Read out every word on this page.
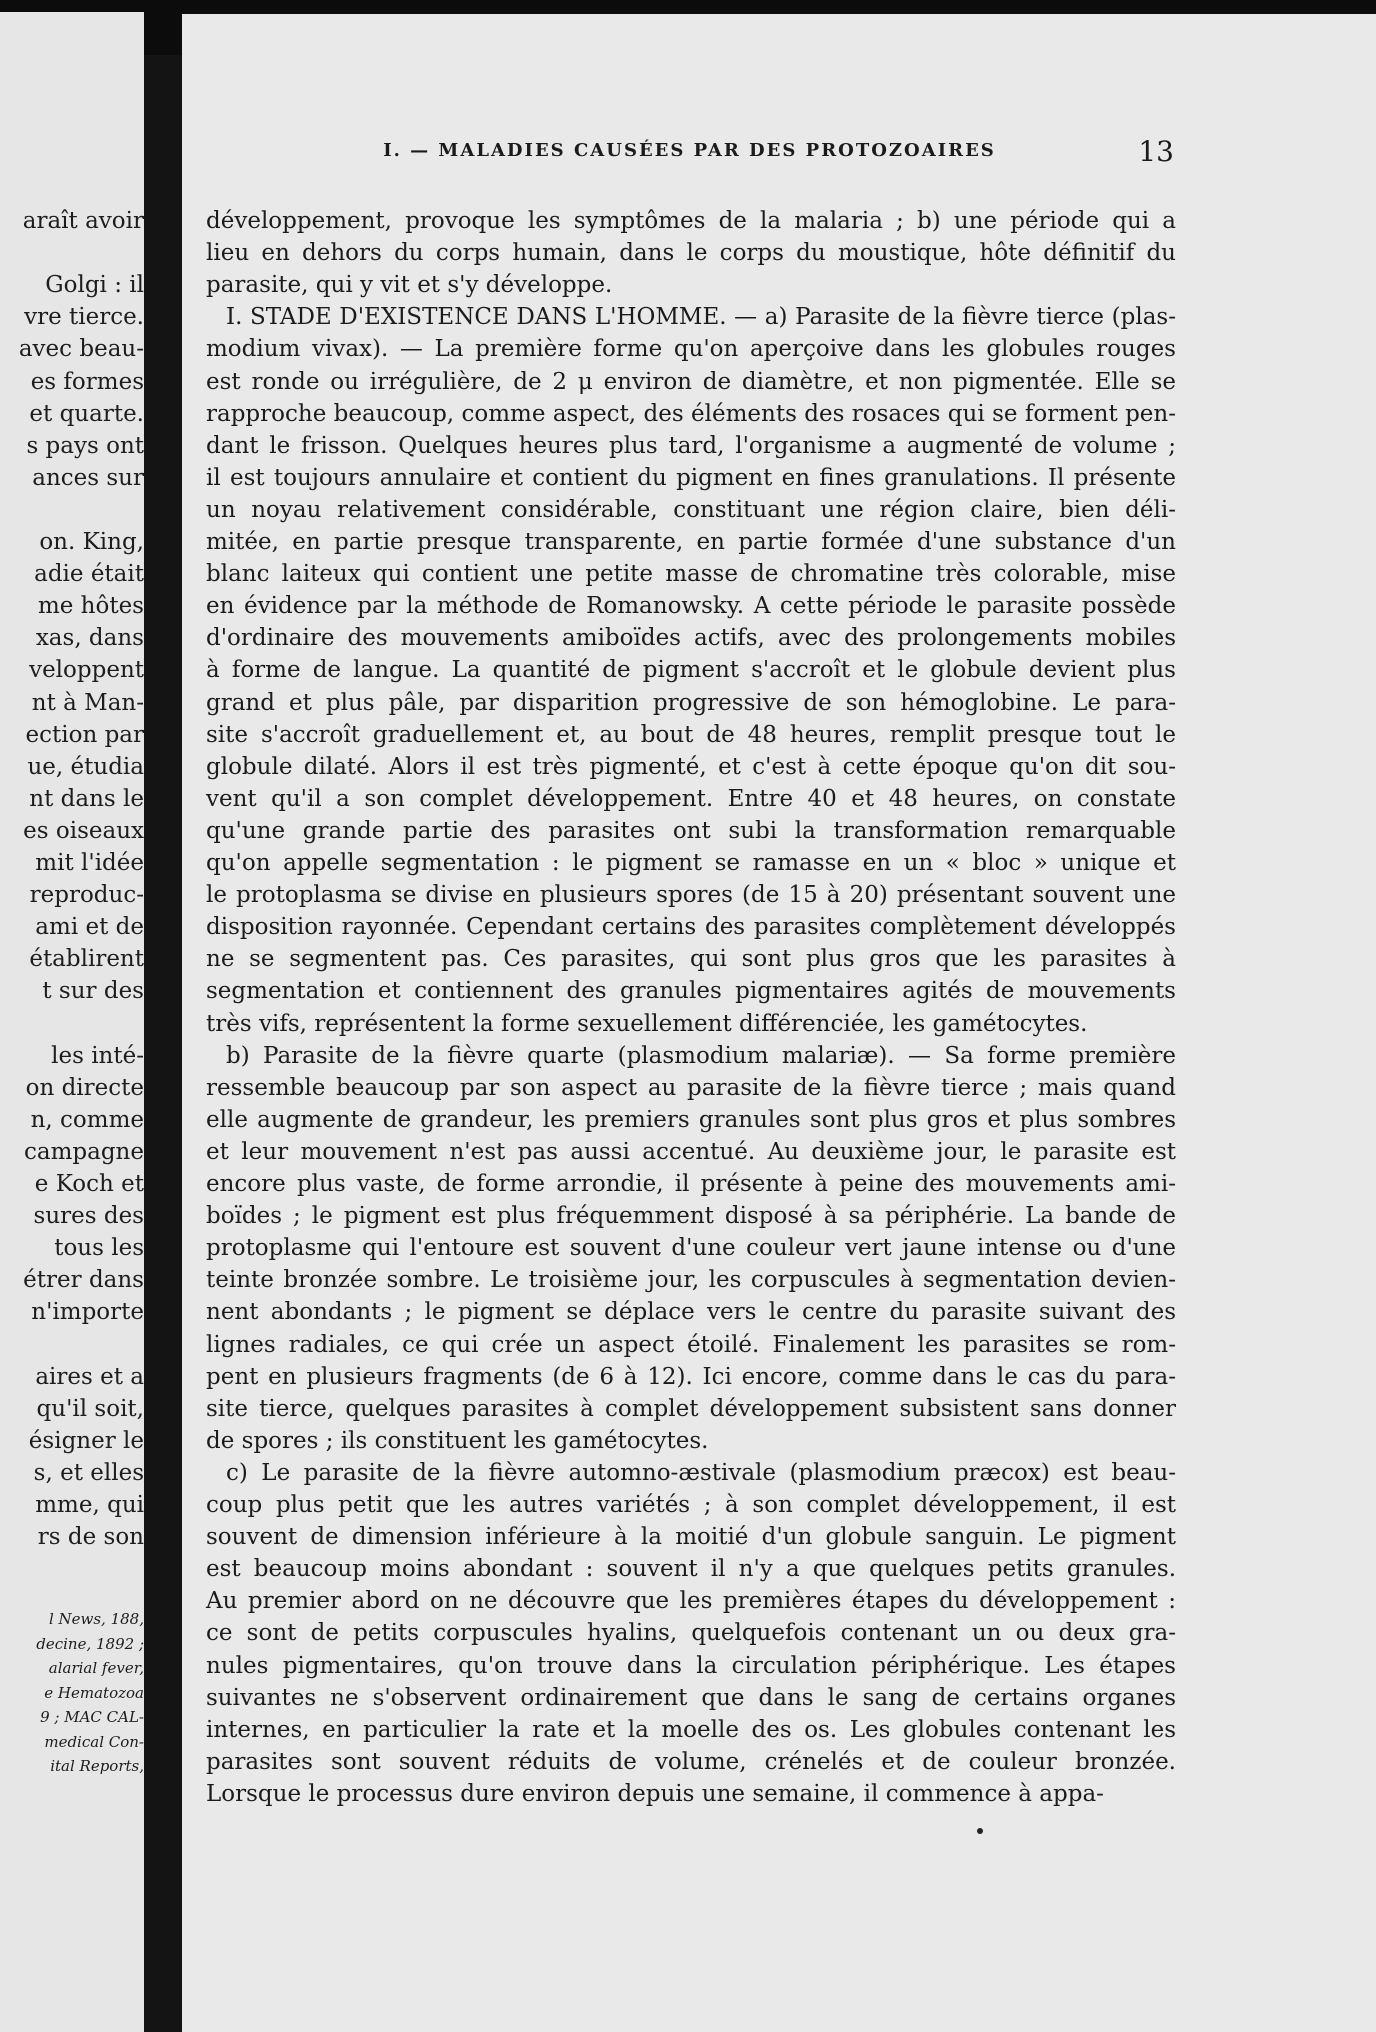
araît avoir
Golgi : il
vre tierce.
avec beau-
es formes
et quarte.
s pays ont
ances sur
on. King,
adie était
me hôtes
xas, dans
veloppent
nt à Man-
ection par
ue, étudia
nt dans le
es oiseaux
mit l'idée
reproduc-
ami et de
établirent
t sur des
les inté-
on directe
n, comme
campagne
e Koch et
sures des
tous les
étrer dans
n'importe
aires et a
qu'il soit,
ésigner le
s, et elles
mme, qui
rs de son
l News, 188,
decine, 1892 ;
alarial fever,
e Hematozoa
9 ; MAC CAL-
medical Con-
ital Reports,
I. — MALADIES CAUSÉES PAR DES PROTOZOAIRES	13
développement, provoque les symptômes de la malaria ; b) une période qui a
lieu en dehors du corps humain, dans le corps du moustique, hôte définitif du
parasite, qui y vit et s'y développe.
I. STADE D'EXISTENCE DANS L'HOMME. — a) Parasite de la fièvre tierce (plas-
modium vivax). — La première forme qu'on aperçoive dans les globules rouges
est ronde ou irrégulière, de 2 μ environ de diamètre, et non pigmentée. Elle se
rapproche beaucoup, comme aspect, des éléments des rosaces qui se forment pen-
dant le frisson. Quelques heures plus tard, l'organisme a augmenté de volume ;
il est toujours annulaire et contient du pigment en fines granulations. Il présente
un noyau relativement considérable, constituant une région claire, bien déli-
mitée, en partie presque transparente, en partie formée d'une substance d'un
blanc laiteux qui contient une petite masse de chromatine très colorable, mise
en évidence par la méthode de Romanowsky. A cette période le parasite possède
d'ordinaire des mouvements amiboïdes actifs, avec des prolongements mobiles
à forme de langue. La quantité de pigment s'accroît et le globule devient plus
grand et plus pâle, par disparition progressive de son hémoglobine. Le para-
site s'accroît graduellement et, au bout de 48 heures, remplit presque tout le
globule dilaté. Alors il est très pigmenté, et c'est à cette époque qu'on dit sou-
vent qu'il a son complet développement. Entre 40 et 48 heures, on constate
qu'une grande partie des parasites ont subi la transformation remarquable
qu'on appelle segmentation : le pigment se ramasse en un « bloc » unique et
le protoplasma se divise en plusieurs spores (de 15 à 20) présentant souvent une
disposition rayonnée. Cependant certains des parasites complètement développés
ne se segmentent pas. Ces parasites, qui sont plus gros que les parasites à
segmentation et contiennent des granules pigmentaires agités de mouvements
très vifs, représentent la forme sexuellement différenciée, les gamétocytes.
b) Parasite de la fièvre quarte (plasmodium malariæ). — Sa forme première
ressemble beaucoup par son aspect au parasite de la fièvre tierce ; mais quand
elle augmente de grandeur, les premiers granules sont plus gros et plus sombres
et leur mouvement n'est pas aussi accentué. Au deuxième jour, le parasite est
encore plus vaste, de forme arrondie, il présente à peine des mouvements ami-
boïdes ; le pigment est plus fréquemment disposé à sa périphérie. La bande de
protoplasme qui l'entoure est souvent d'une couleur vert jaune intense ou d'une
teinte bronzée sombre. Le troisième jour, les corpuscules à segmentation devien-
nent abondants ; le pigment se déplace vers le centre du parasite suivant des
lignes radiales, ce qui crée un aspect étoilé. Finalement les parasites se rom-
pent en plusieurs fragments (de 6 à 12). Ici encore, comme dans le cas du para-
site tierce, quelques parasites à complet développement subsistent sans donner
de spores ; ils constituent les gamétocytes.
c) Le parasite de la fièvre automno-æstivale (plasmodium præcox) est beau-
coup plus petit que les autres variétés ; à son complet développement, il est
souvent de dimension inférieure à la moitié d'un globule sanguin. Le pigment
est beaucoup moins abondant : souvent il n'y a que quelques petits granules.
Au premier abord on ne découvre que les premières étapes du développement :
ce sont de petits corpuscules hyalins, quelquefois contenant un ou deux gra-
nules pigmentaires, qu'on trouve dans la circulation périphérique. Les étapes
suivantes ne s'observent ordinairement que dans le sang de certains organes
internes, en particulier la rate et la moelle des os. Les globules contenant les
parasites sont souvent réduits de volume, crénelés et de couleur bronzée.
Lorsque le processus dure environ depuis une semaine, il commence à appa-
